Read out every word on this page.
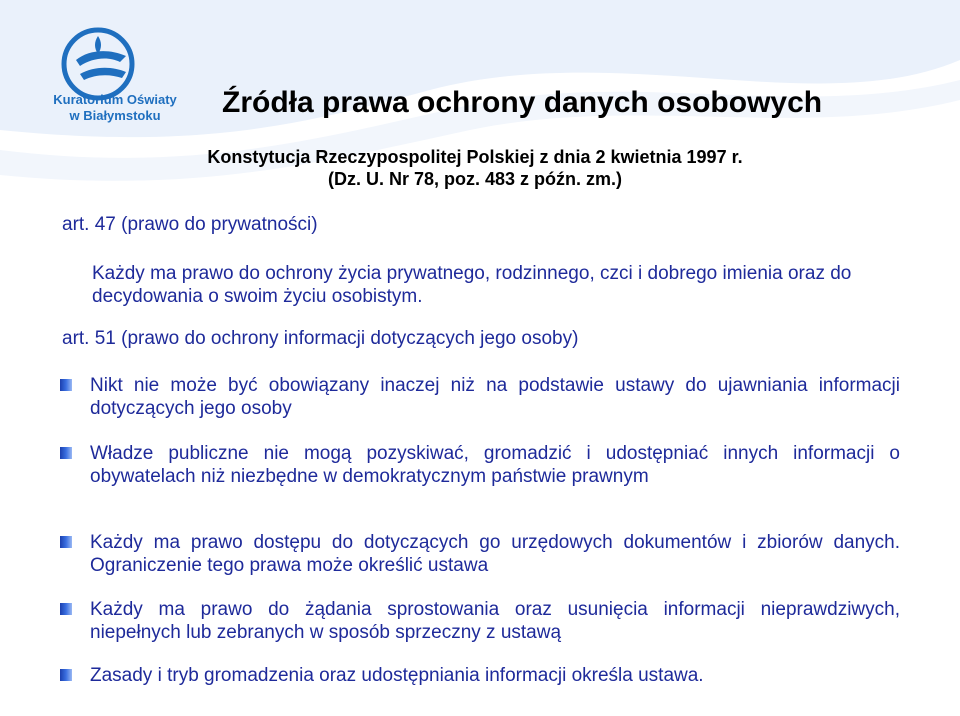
Kuratorium Oświaty
w Białymstoku	Źródła prawa ochrony danych osobowych
Konstytucja Rzeczypospolitej Polskiej z dnia 2 kwietnia 1997 r.
(Dz. U. Nr 78, poz. 483 z późn. zm.)
art. 47 (prawo do prywatności)
Każdy ma prawo do ochrony życia prywatnego, rodzinnego, czci i dobrego imienia oraz do decydowania o swoim życiu osobistym.
art. 51 (prawo do ochrony informacji dotyczących jego osoby)
Nikt nie może być obowiązany inaczej niż na podstawie ustawy do ujawniania informacji dotyczących jego osoby
Władze publiczne nie mogą pozyskiwać, gromadzić i udostępniać innych informacji o obywatelach niż niezbędne w demokratycznym państwie prawnym
Każdy ma prawo dostępu do dotyczących go urzędowych dokumentów i zbiorów danych. Ograniczenie tego prawa może określić ustawa
Każdy ma prawo do żądania sprostowania oraz usunięcia informacji nieprawdziwych, niepełnych lub zebranych w sposób sprzeczny z ustawą
Zasady i tryb gromadzenia oraz udostępniania informacji określa ustawa.
